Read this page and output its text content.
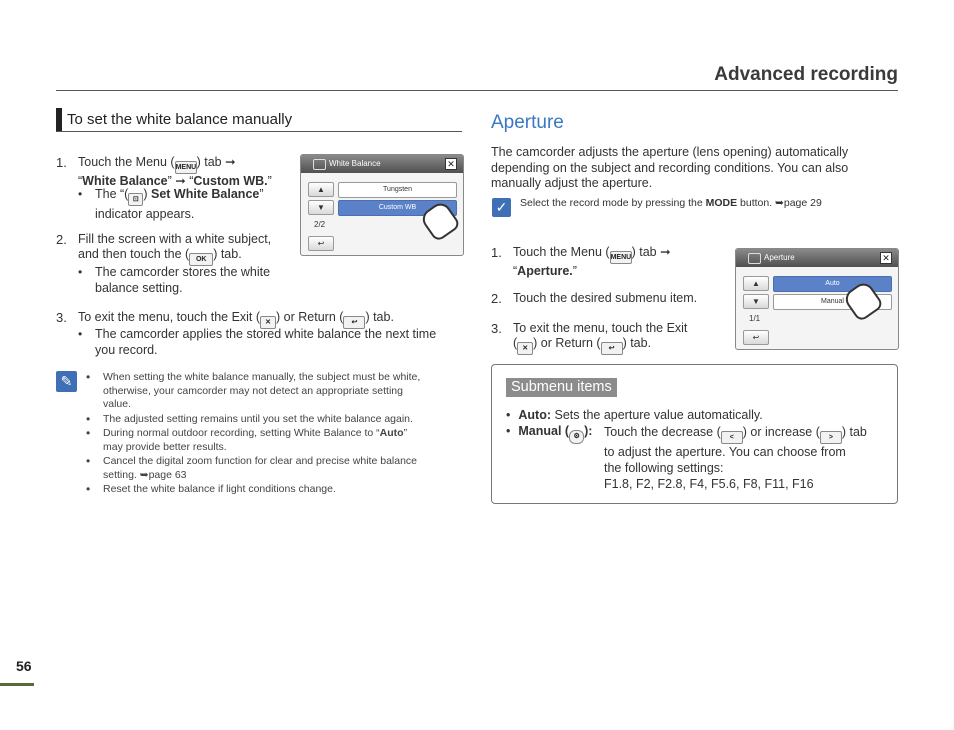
Advanced recording
To set the white balance manually
1. Touch the Menu (MENU) tab ➞
“White Balance” ➞ “Custom WB.”
• The “( ⊡ ) Set White Balance”
indicator appears.
2. Fill the screen with a white subject,
and then touch the ( OK ) tab.
• The camcorder stores the white
balance setting.
3. To exit the menu, touch the Exit ( ✕ ) or Return ( ↩ ) tab.
• The camcorder applies the stored white balance the next time
you record.
White Balance	✕
▲
▼
Tungsten
Custom WB
2/2
↩
✎	• When setting the white balance manually, the subject must be white,
otherwise, your camcorder may not detect an appropriate setting
value.
• The adjusted setting remains until you set the white balance again.
• During normal outdoor recording, setting White Balance to “Auto”
may provide better results.
• Cancel the digital zoom function for clear and precise white balance
setting. ➥page 63
• Reset the white balance if light conditions change.
Aperture
The camcorder adjusts the aperture (lens opening) automatically
depending on the subject and recording conditions. You can also
manually adjust the aperture.
✓	Select the record mode by pressing the MODE button. ➥page 29
1. Touch the Menu (MENU) tab ➞
“Aperture.”
2. Touch the desired submenu item.
3. To exit the menu, touch the Exit
( ✕ ) or Return ( ↩ ) tab.
Aperture	✕
▲
▼
Auto
Manual
1/1
↩
Submenu items
• Auto: Sets the aperture value automatically.
• Manual ( ⚙ ): Touch the decrease ( < ) or increase ( > ) tab
to adjust the aperture. You can choose from
the following settings:
F1.8, F2, F2.8, F4, F5.6, F8, F11, F16
56
